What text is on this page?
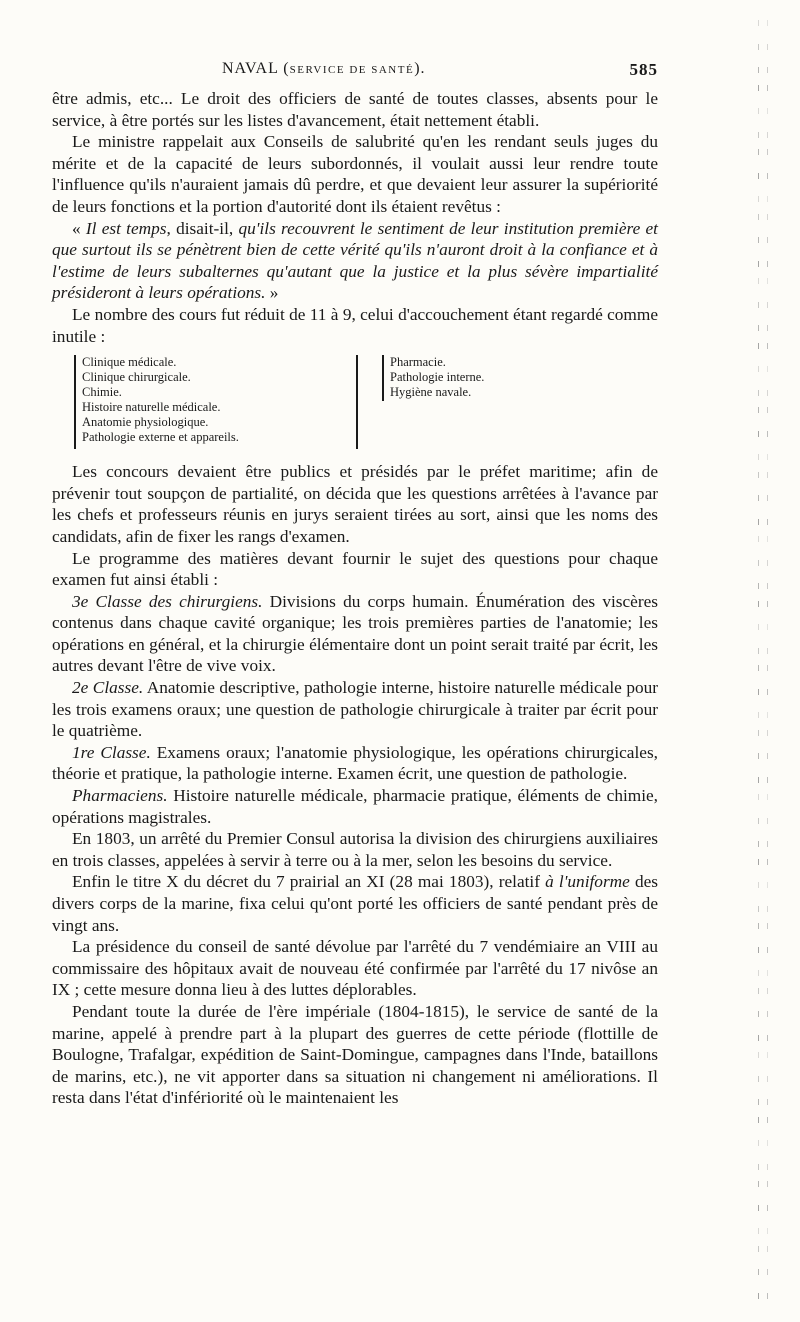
NAVAL (SERVICE DE SANTÉ).	585

être admis, etc... Le droit des officiers de santé de toutes classes, absents pour le service, à être portés sur les listes d'avancement, était nettement établi.

Le ministre rappelait aux Conseils de salubrité qu'en les rendant seuls juges du mérite et de la capacité de leurs subordonnés, il voulait aussi leur rendre toute l'influence qu'ils n'auraient jamais dû perdre, et que devaient leur assurer la supériorité de leurs fonctions et la portion d'autorité dont ils étaient revêtus :

« Il est temps, disait-il, qu'ils recouvrent le sentiment de leur institution première et que surtout ils se pénètrent bien de cette vérité qu'ils n'auront droit à la confiance et à l'estime de leurs subalternes qu'autant que la justice et la plus sévère impartialité présideront à leurs opérations. »

Le nombre des cours fut réduit de 11 à 9, celui d'accouchement étant regardé comme inutile :

Clinique médicale.
Clinique chirurgicale.
Chimie.
Histoire naturelle médicale.
Anatomie physiologique.
Pathologie externe et appareils.
Pharmacie.
Pathologie interne.
Hygiène navale.

Les concours devaient être publics et présidés par le préfet maritime; afin de prévenir tout soupçon de partialité, on décida que les questions arrêtées à l'avance par les chefs et professeurs réunis en jurys seraient tirées au sort, ainsi que les noms des candidats, afin de fixer les rangs d'examen.

Le programme des matières devant fournir le sujet des questions pour chaque examen fut ainsi établi :

3e Classe des chirurgiens. Divisions du corps humain. Énumération des viscères contenus dans chaque cavité organique; les trois premières parties de l'anatomie; les opérations en général, et la chirurgie élémentaire dont un point serait traité par écrit, les autres devant l'être de vive voix.

2e Classe. Anatomie descriptive, pathologie interne, histoire naturelle médicale pour les trois examens oraux; une question de pathologie chirurgicale à traiter par écrit pour le quatrième.

1re Classe. Examens oraux; l'anatomie physiologique, les opérations chirurgicales, théorie et pratique, la pathologie interne. Examen écrit, une question de pathologie.

Pharmaciens. Histoire naturelle médicale, pharmacie pratique, éléments de chimie, opérations magistrales.

En 1803, un arrêté du Premier Consul autorisa la division des chirurgiens auxiliaires en trois classes, appelées à servir à terre ou à la mer, selon les besoins du service.

Enfin le titre X du décret du 7 prairial an XI (28 mai 1803), relatif à l'uniforme des divers corps de la marine, fixa celui qu'ont porté les officiers de santé pendant près de vingt ans.

La présidence du conseil de santé dévolue par l'arrêté du 7 vendémiaire an VIII au commissaire des hôpitaux avait de nouveau été confirmée par l'arrêté du 17 nivôse an IX ; cette mesure donna lieu à des luttes déplorables.

Pendant toute la durée de l'ère impériale (1804-1815), le service de santé de la marine, appelé à prendre part à la plupart des guerres de cette période (flottille de Boulogne, Trafalgar, expédition de Saint-Domingue, campagnes dans l'Inde, bataillons de marins, etc.), ne vit apporter dans sa situation ni changement ni améliorations. Il resta dans l'état d'infériorité où le maintenaient les
